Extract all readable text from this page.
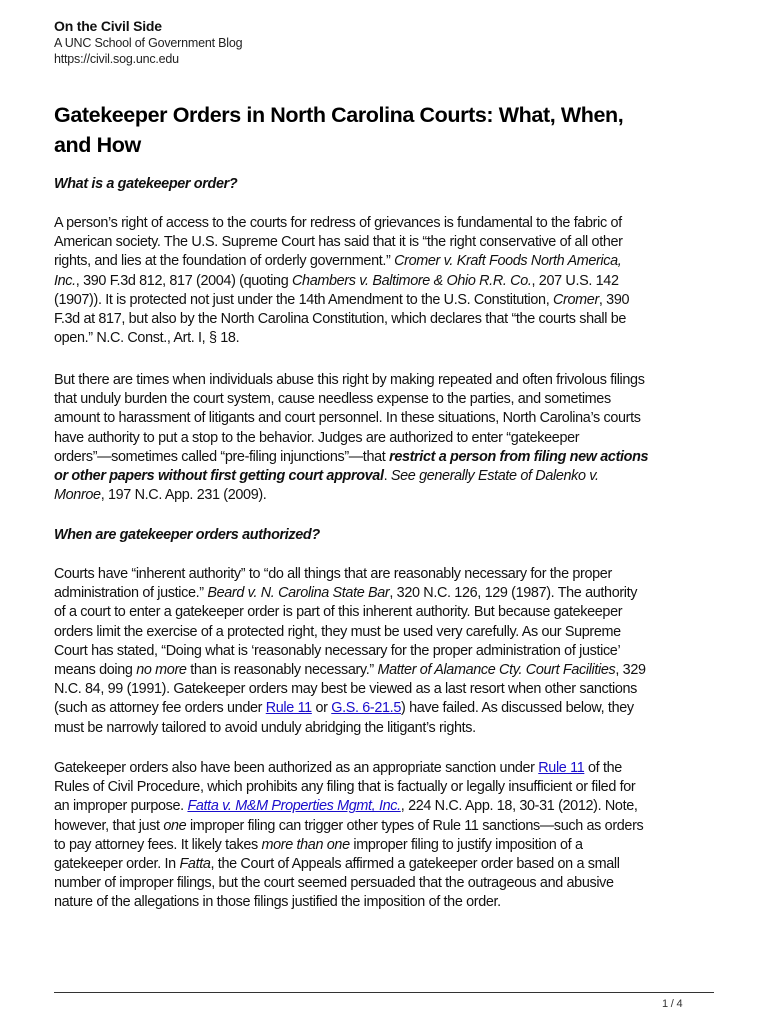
On the Civil Side
A UNC School of Government Blog
https://civil.sog.unc.edu
Gatekeeper Orders in North Carolina Courts: What, When,
and How
What is a gatekeeper order?
A person’s right of access to the courts for redress of grievances is fundamental to the fabric of
American society. The U.S. Supreme Court has said that it is “the right conservative of all other
rights, and lies at the foundation of orderly government.” Cromer v. Kraft Foods North America,
Inc., 390 F.3d 812, 817 (2004) (quoting Chambers v. Baltimore & Ohio R.R. Co., 207 U.S. 142
(1907)). It is protected not just under the 14th Amendment to the U.S. Constitution, Cromer, 390
F.3d at 817, but also by the North Carolina Constitution, which declares that “the courts shall be
open.” N.C. Const., Art. I, § 18.
But there are times when individuals abuse this right by making repeated and often frivolous filings
that unduly burden the court system, cause needless expense to the parties, and sometimes
amount to harassment of litigants and court personnel. In these situations, North Carolina’s courts
have authority to put a stop to the behavior. Judges are authorized to enter “gatekeeper
orders”—sometimes called “pre-filing injunctions”—that restrict a person from filing new actions
or other papers without first getting court approval. See generally Estate of Dalenko v.
Monroe, 197 N.C. App. 231 (2009).
When are gatekeeper orders authorized?
Courts have “inherent authority” to “do all things that are reasonably necessary for the proper
administration of justice.” Beard v. N. Carolina State Bar, 320 N.C. 126, 129 (1987). The authority
of a court to enter a gatekeeper order is part of this inherent authority. But because gatekeeper
orders limit the exercise of a protected right, they must be used very carefully. As our Supreme
Court has stated, “Doing what is ‘reasonably necessary for the proper administration of justice’
means doing no more than is reasonably necessary.” Matter of Alamance Cty. Court Facilities, 329
N.C. 84, 99 (1991). Gatekeeper orders may best be viewed as a last resort when other sanctions
(such as attorney fee orders under Rule 11 or G.S. 6-21.5) have failed. As discussed below, they
must be narrowly tailored to avoid unduly abridging the litigant’s rights.
Gatekeeper orders also have been authorized as an appropriate sanction under Rule 11 of the
Rules of Civil Procedure, which prohibits any filing that is factually or legally insufficient or filed for
an improper purpose. Fatta v. M&M Properties Mgmt, Inc., 224 N.C. App. 18, 30-31 (2012). Note,
however, that just one improper filing can trigger other types of Rule 11 sanctions—such as orders
to pay attorney fees. It likely takes more than one improper filing to justify imposition of a
gatekeeper order. In Fatta, the Court of Appeals affirmed a gatekeeper order based on a small
number of improper filings, but the court seemed persuaded that the outrageous and abusive
nature of the allegations in those filings justified the imposition of the order.
1 / 4
